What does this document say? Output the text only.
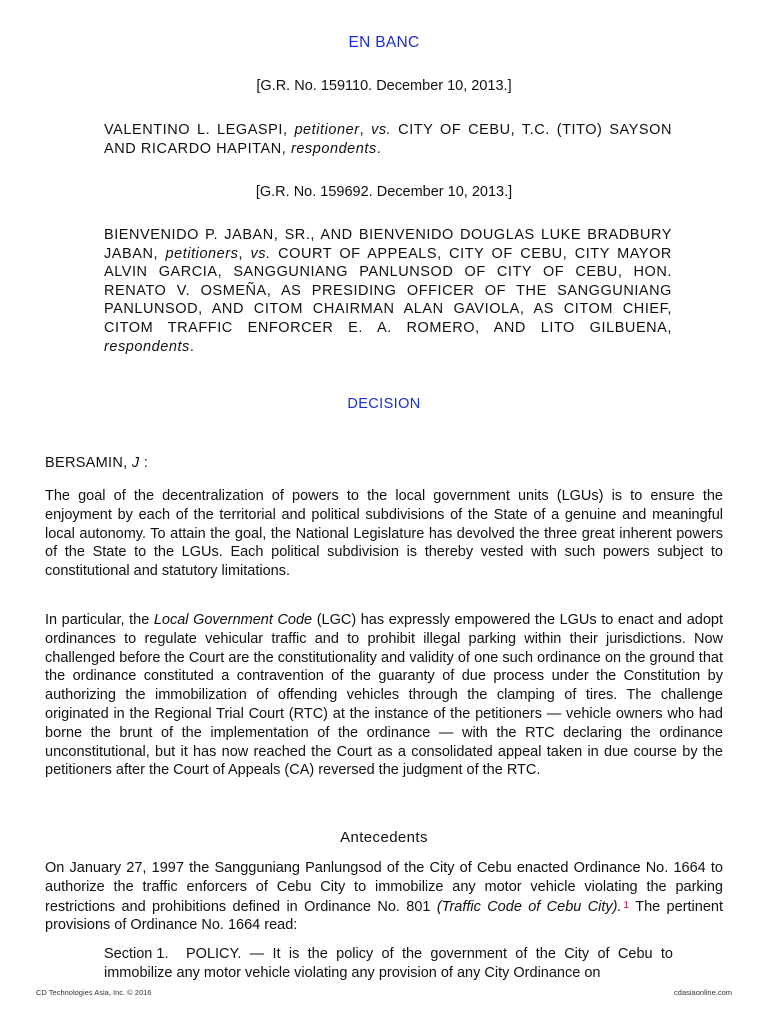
EN BANC
[G.R. No. 159110. December 10, 2013.]
VALENTINO L. LEGASPI, petitioner, vs. CITY OF CEBU, T.C. (TITO) SAYSON AND RICARDO HAPITAN, respondents.
[G.R. No. 159692. December 10, 2013.]
BIENVENIDO P. JABAN, SR., AND BIENVENIDO DOUGLAS LUKE BRADBURY JABAN, petitioners, vs. COURT OF APPEALS, CITY OF CEBU, CITY MAYOR ALVIN GARCIA, SANGGUNIANG PANLUNSOD OF CITY OF CEBU, HON. RENATO V. OSMEÑA, AS PRESIDING OFFICER OF THE SANGGUNIANG PANLUNSOD, AND CITOM CHAIRMAN ALAN GAVIOLA, AS CITOM CHIEF, CITOM TRAFFIC ENFORCER E. A. ROMERO, AND LITO GILBUENA, respondents.
DECISION
BERSAMIN, J :

The goal of the decentralization of powers to the local government units (LGUs) is to ensure the enjoyment by each of the territorial and political subdivisions of the State of a genuine and meaningful local autonomy. To attain the goal, the National Legislature has devolved the three great inherent powers of the State to the LGUs. Each political subdivision is thereby vested with such powers subject to constitutional and statutory limitations.

In particular, the Local Government Code (LGC) has expressly empowered the LGUs to enact and adopt ordinances to regulate vehicular traffic and to prohibit illegal parking within their jurisdictions. Now challenged before the Court are the constitutionality and validity of one such ordinance on the ground that the ordinance constituted a contravention of the guaranty of due process under the Constitution by authorizing the immobilization of offending vehicles through the clamping of tires. The challenge originated in the Regional Trial Court (RTC) at the instance of the petitioners — vehicle owners who had borne the brunt of the implementation of the ordinance — with the RTC declaring the ordinance unconstitutional, but it has now reached the Court as a consolidated appeal taken in due course by the petitioners after the Court of Appeals (CA) reversed the judgment of the RTC.

Antecedents

On January 27, 1997 the Sangguniang Panlungsod of the City of Cebu enacted Ordinance No. 1664 to authorize the traffic enforcers of Cebu City to immobilize any motor vehicle violating the parking restrictions and prohibitions defined in Ordinance No. 801 (Traffic Code of Cebu City). $^1$ The pertinent provisions of Ordinance No. 1664 read:

Section 1. POLICY. — It is the policy of the government of the City of Cebu to immobilize any motor vehicle violating any provision of any City Ordinance on

CD Technologies Asia, Inc. © 2016	cdasiaonline.com
